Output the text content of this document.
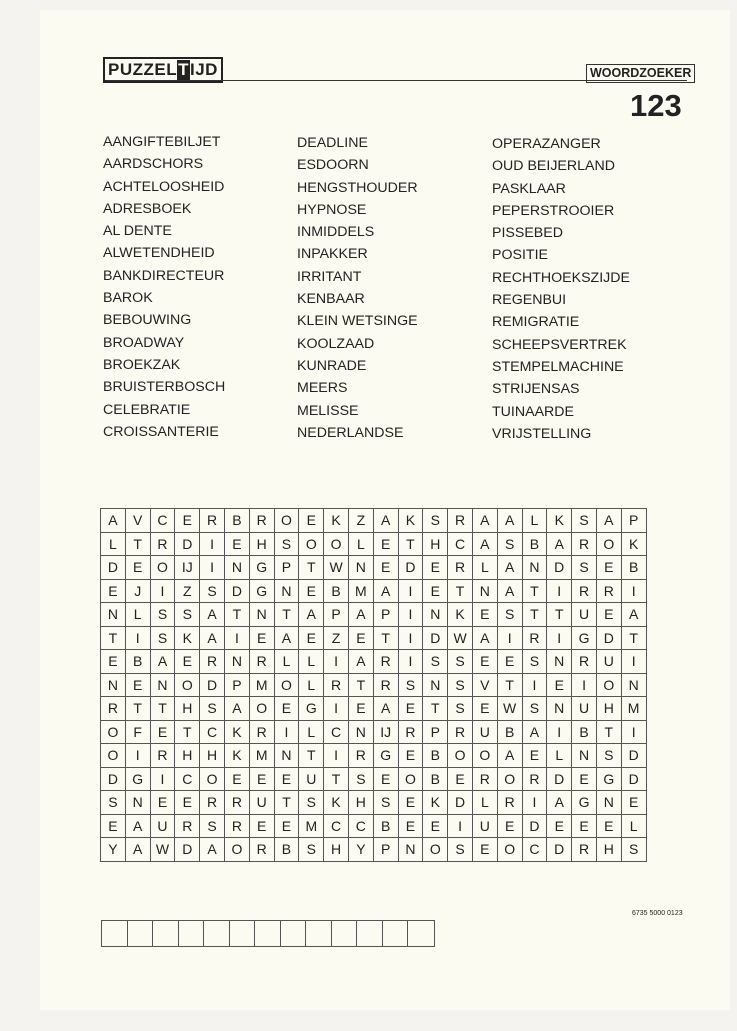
PUZZEL T IJD	WOORDZOEKER
123
AANGIFTEBILJET
AARDSCHORS
ACHTELOOSHEID
ADRESBOEK
AL DENTE
ALWETENDHEID
BANKDIRECTEUR
BAROK
BEBOUWING
BROADWAY
BROEKZAK
BRUISTERBOSCH
CELEBRATIE
CROISSANTERIE
DEADLINE
ESDOORN
HENGSTHOUDER
HYPNOSE
INMIDDELS
INPAKKER
IRRITANT
KENBAAR
KLEIN WETSINGE
KOOLZAAD
KUNRADE
MEERS
MELISSE
NEDERLANDSE
OPERAZANGER
OUD BEIJERLAND
PASKLAAR
PEPERSTROOIER
PISSEBED
POSITIE
RECHTHOEKSZIJDE
REGENBUI
REMIGRATIE
SCHEEPSVERTREK
STEMPELMACHINE
STRIJENSAS
TUINAARDE
VRIJSTELLING
A	V	C	E	R	B	R	O	E	K	Z	A	K	S	R	A	A	L	K	S	A	P
L	T	R	D	I	E	H	S	O	O	L	E	T	H	C	A	S	B	A	R	O	K
D	E	O	IJ	I	N	G	P	T	W	N	E	D	E	R	L	A	N	D	S	E	B
E	J	I	Z	S	D	G	N	E	B	M	A	I	E	T	N	A	T	I	R	R	I
N	L	S	S	A	T	N	T	A	P	A	P	I	N	K	E	S	T	T	U	E	A
T	I	S	K	A	I	E	A	E	Z	E	T	I	D	W	A	I	R	I	G	D	T
E	B	A	E	R	N	R	L	L	I	A	R	I	S	S	E	E	S	N	R	U	I
N	E	N	O	D	P	M	O	L	R	T	R	S	N	S	V	T	I	E	I	O	N
R	T	T	H	S	A	O	E	G	I	E	A	E	T	S	E	W	S	N	U	H	M
O	F	E	T	C	K	R	I	L	C	N	IJ	R	P	R	U	B	A	I	B	T	I
O	I	R	H	H	K	M	N	T	I	R	G	E	B	O	O	A	E	L	N	S	D
D	G	I	C	O	E	E	E	U	T	S	E	O	B	E	R	O	R	D	E	G	D
S	N	E	E	R	R	U	T	S	K	H	S	E	K	D	L	R	I	A	G	N	E
E	A	U	R	S	R	E	E	M	C	C	B	E	E	I	U	E	D	E	E	E	L
Y	A	W	D	A	O	R	B	S	H	Y	P	N	O	S	E	O	C	D	R	H	S
6735 5000 0123
